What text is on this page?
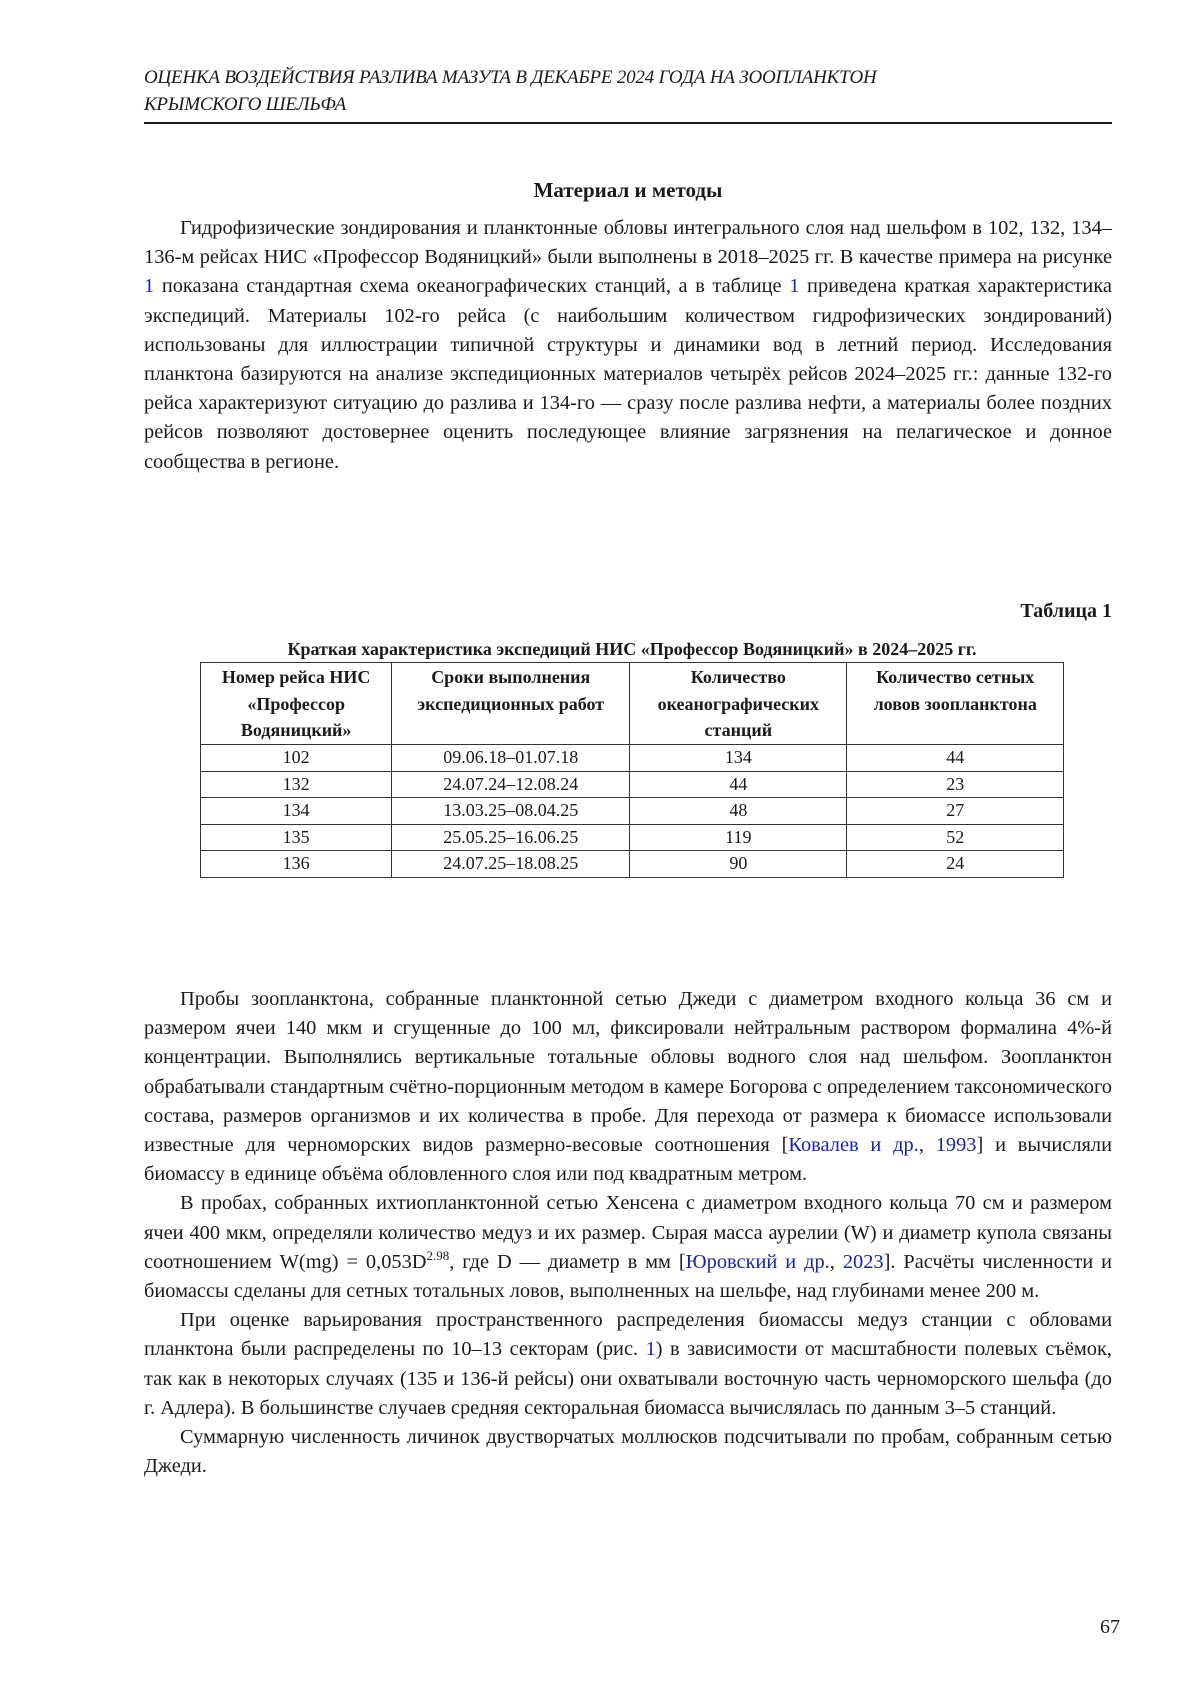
ОЦЕНКА ВОЗДЕЙСТВИЯ РАЗЛИВА МАЗУТА В ДЕКАБРЕ 2024 ГОДА НА ЗООПЛАНКТОН
КРЫМСКОГО ШЕЛЬФА
Материал и методы

Гидрофизические зондирования и планктонные обловы интегрального слоя над шельфом в 102, 132, 134–136-м рейсах НИС «Профессор Водяницкий» были выполнены в 2018–2025 гг. В качестве примера на рисунке 1 показана стандартная схема океанографических станций, а в таблице 1 приведена краткая характеристика экспедиций. Материалы 102-го рейса (с наибольшим количеством гидрофизических зондирований) использованы для иллюстрации типичной структуры и динамики вод в летний период. Исследования планктона базируются на анализе экспедиционных материалов четырёх рейсов 2024–2025 гг.: данные 132-го рейса характеризуют ситуацию до разлива и 134-го — сразу после разлива нефти, а материалы более поздних рейсов позволяют достовернее оценить последующее влияние загрязнения на пелагическое и донное сообщества в регионе.

Таблица 1
Краткая характеристика экспедиций НИС «Профессор Водяницкий» в 2024–2025 гг.
Номер рейса НИС «Профессор Водяницкий»	Сроки выполнения экспедиционных работ	Количество океанографических станций	Количество сетных ловов зоопланктона
102	09.06.18–01.07.18	134	44
132	24.07.24–12.08.24	44	23
134	13.03.25–08.04.25	48	27
135	25.05.25–16.06.25	119	52
136	24.07.25–18.08.25	90	24

Пробы зоопланктона, собранные планктонной сетью Джеди с диаметром входного кольца 36 см и размером ячеи 140 мкм и сгущенные до 100 мл, фиксировали нейтральным раствором формалина 4%-й концентрации. Выполнялись вертикальные тотальные обловы водного слоя над шельфом. Зоопланктон обрабатывали стандартным счётно-порционным методом в камере Богорова с определением таксономического состава, размеров организмов и их количества в пробе. Для перехода от размера к биомассе использовали известные для черноморских видов размерно-весовые соотношения [Ковалев и др., 1993] и вычисляли биомассу в единице объёма обловленного слоя или под квадратным метром.

В пробах, собранных ихтиопланктонной сетью Хенсена с диаметром входного кольца 70 см и размером ячеи 400 мкм, определяли количество медуз и их размер. Сырая масса аурелии (W) и диаметр купола связаны соотношением $W(mg) = 0,053D^{2.98}$, где D — диаметр в мм [Юровский и др., 2023]. Расчёты численности и биомассы сделаны для сетных тотальных ловов, выполненных на шельфе, над глубинами менее 200 м.

При оценке варьирования пространственного распределения биомассы медуз станции с обловами планктона были распределены по 10–13 секторам (рис. 1) в зависимости от масштабности полевых съёмок, так как в некоторых случаях (135 и 136-й рейсы) они охватывали восточную часть черноморского шельфа (до г. Адлера). В большинстве случаев средняя секторальная биомасса вычислялась по данным 3–5 станций.

Суммарную численность личинок двустворчатых моллюсков подсчитывали по пробам, собранным сетью Джеди.

67
